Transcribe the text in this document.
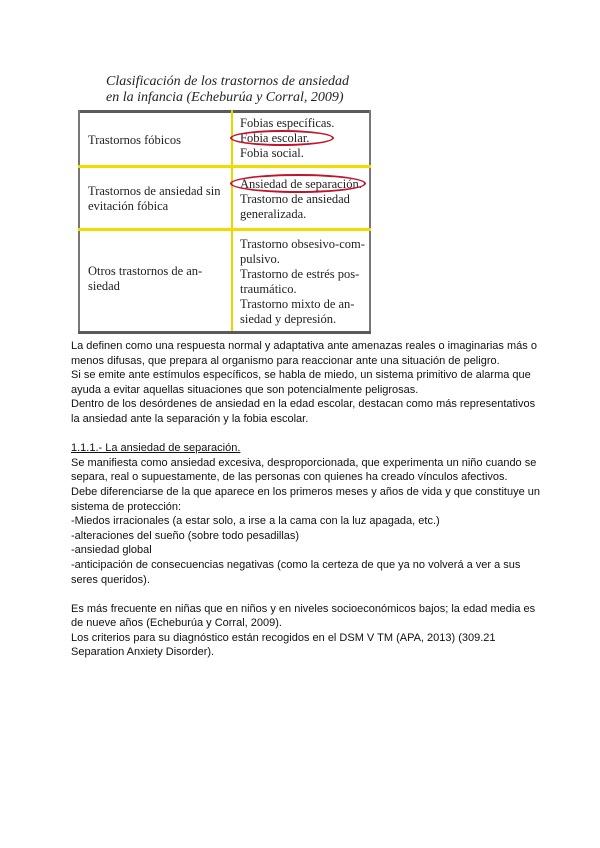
Clasificación de los trastornos de ansiedad
en la infancia (Echeburúa y Corral, 2009)
Trastornos fóbicos
Fobias específicas.
Fobia escolar.
Fobia social.
Trastornos de ansiedad sin evitación fóbica
Ansiedad de separación.
Trastorno de ansiedad
generalizada.
Otros trastornos de an-siedad
Trastorno obsesivo-com-
pulsivo.
Trastorno de estrés pos-
traumático.
Trastorno mixto de an-
siedad y depresión.

La definen como una respuesta normal y adaptativa ante amenazas reales o imaginarias más o menos difusas, que prepara al organismo para reaccionar ante una situación de peligro.

Si se emite ante estímulos específicos, se habla de miedo, un sistema primitivo de alarma que ayuda a evitar aquellas situaciones que son potencialmente peligrosas.

Dentro de los desórdenes de ansiedad en la edad escolar, destacan como más representativos la ansiedad ante la separación y la fobia escolar.

1.1.1.- La ansiedad de separación.

Se manifiesta como ansiedad excesiva, desproporcionada, que experimenta un niño cuando se separa, real o supuestamente, de las personas con quienes ha creado vínculos afectivos.

Debe diferenciarse de la que aparece en los primeros meses y años de vida y que constituye un sistema de protección:

-Miedos irracionales (a estar solo, a irse a la cama con la luz apagada, etc.)

-alteraciones del sueño (sobre todo pesadillas)

-ansiedad global

-anticipación de consecuencias negativas (como la certeza de que ya no volverá a ver a sus seres queridos).

Es más frecuente en niñas que en niños y en niveles socioeconómicos bajos; la edad media es de nueve años (Echeburúa y Corral, 2009).

Los criterios para su diagnóstico están recogidos en el DSM V TM (APA, 2013) (309.21 Separation Anxiety Disorder).
